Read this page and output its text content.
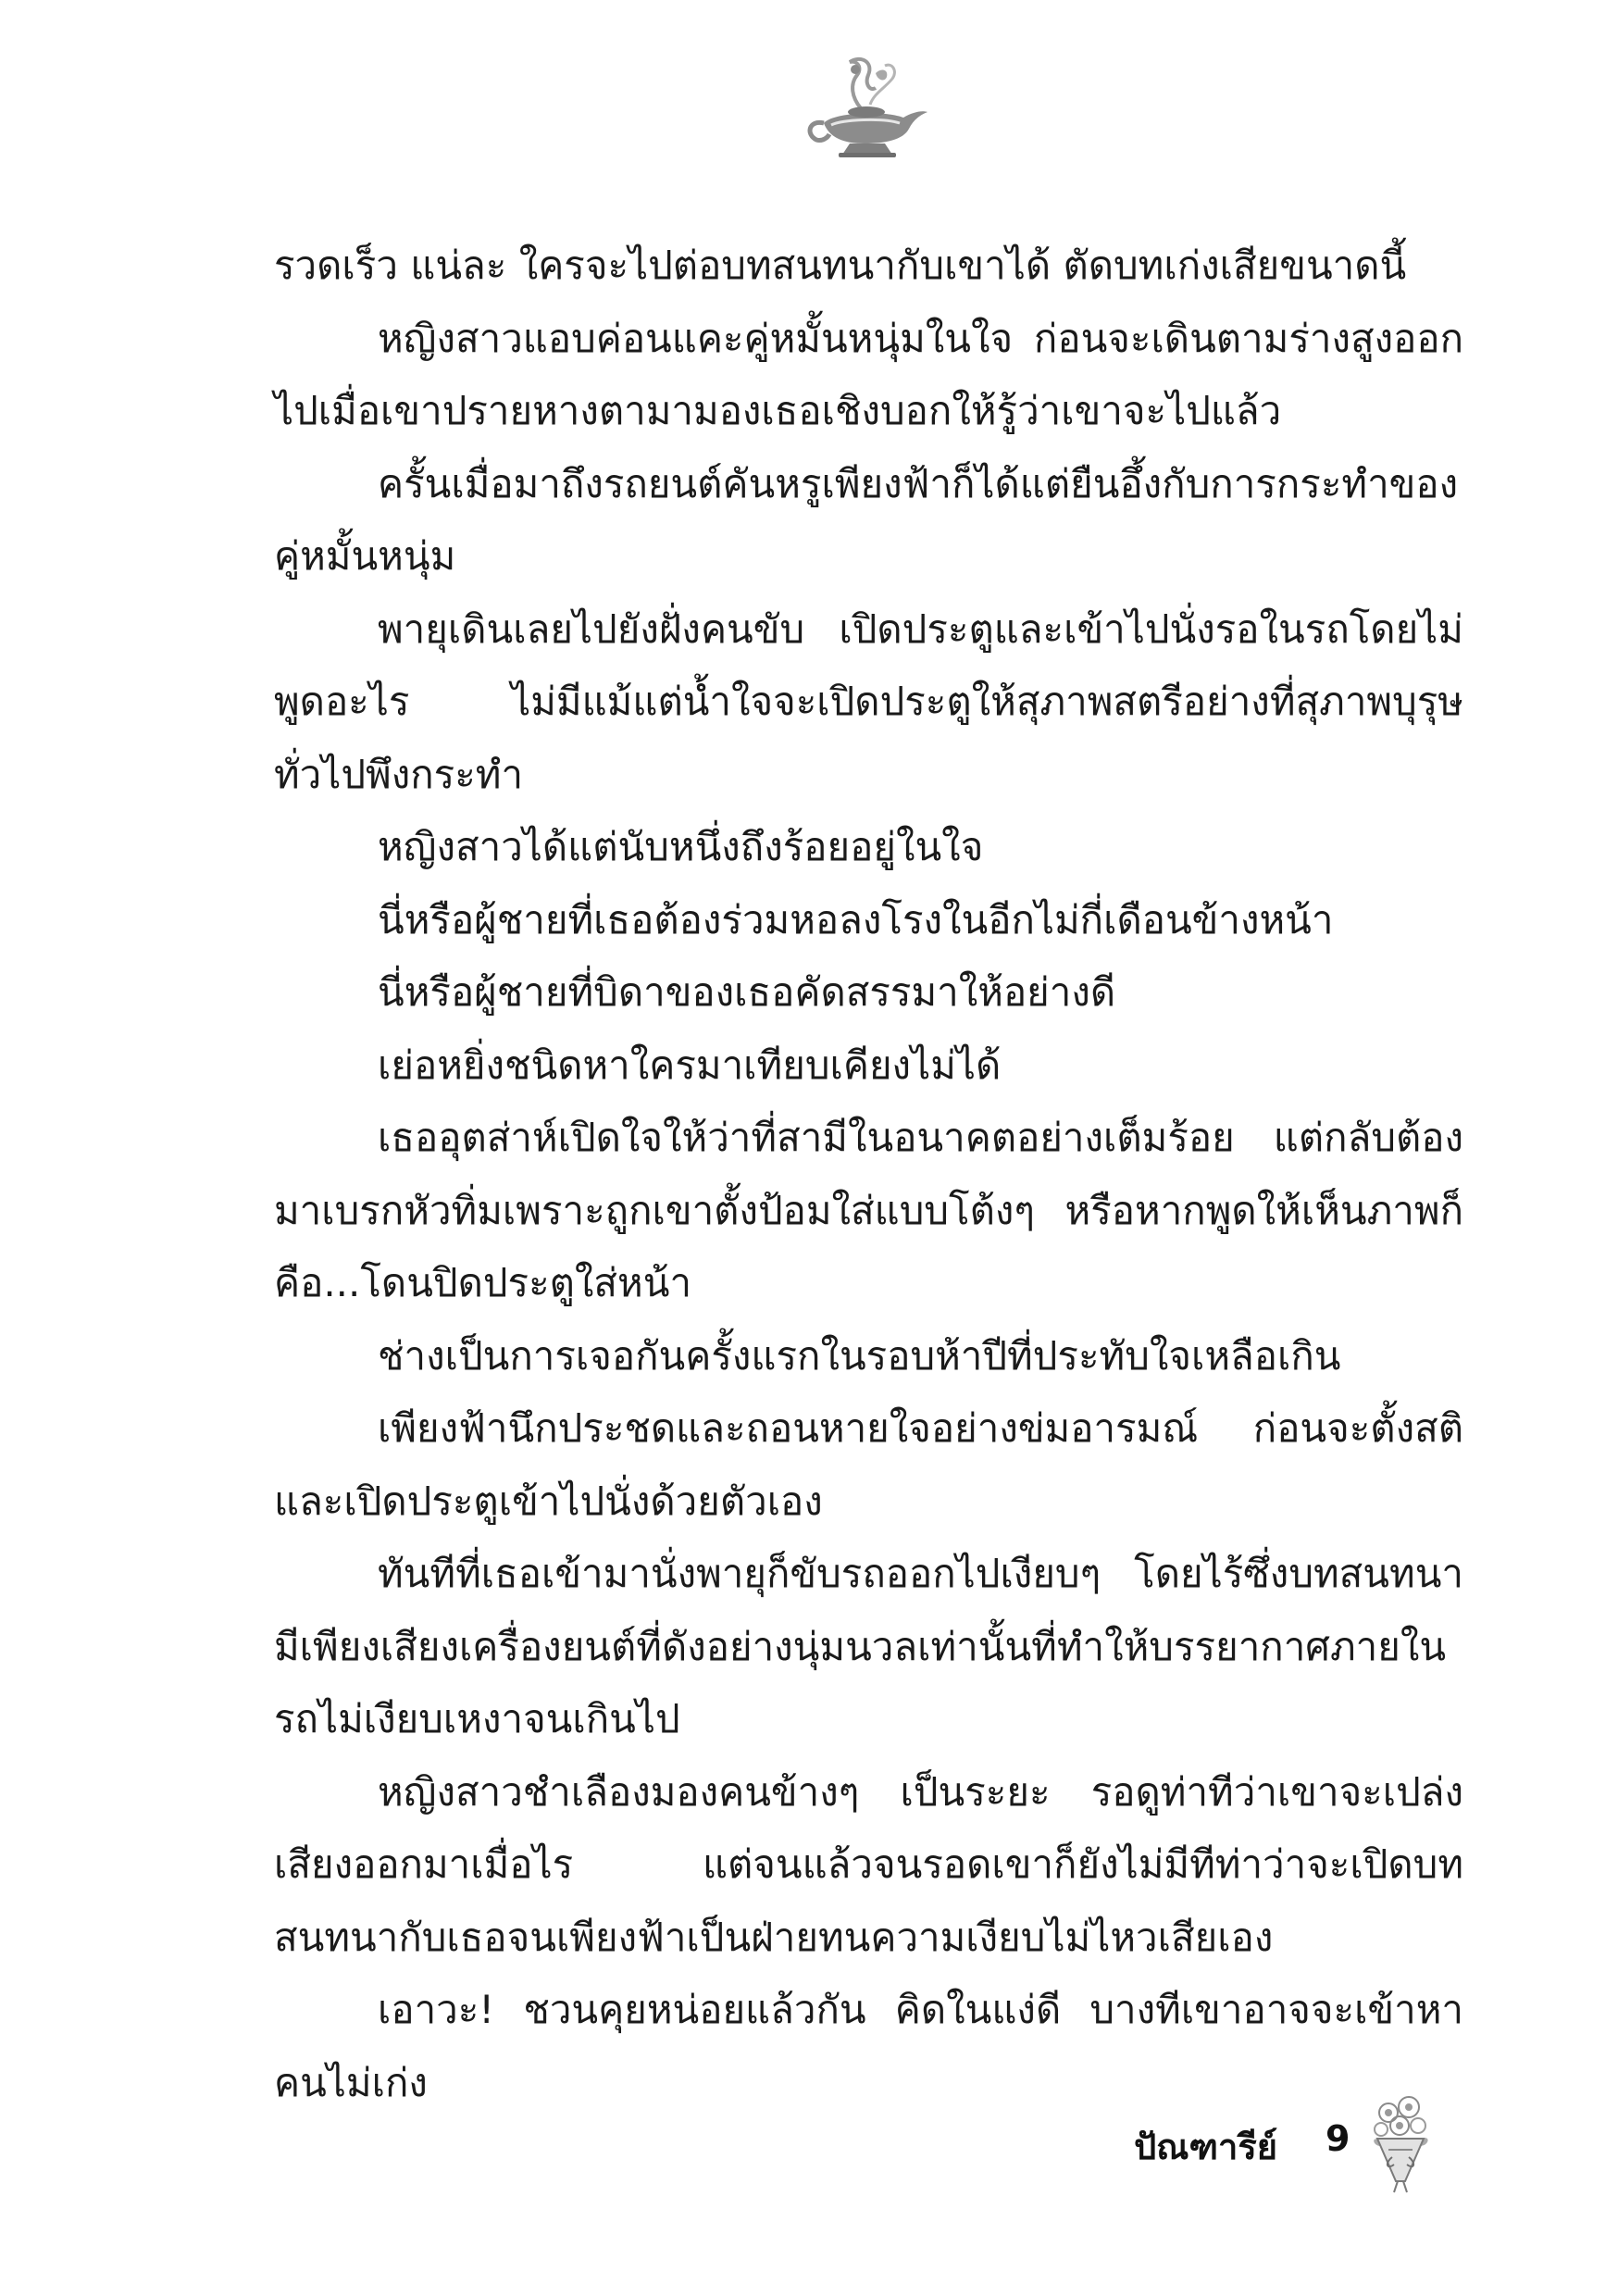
รวดเร็ว แน่ละ ใครจะไปต่อบทสนทนากับเขาได้ ตัดบทเก่งเสียขนาดนี้

หญิงสาวแอบค่อนแคะคู่หมั้นหนุ่มในใจ ก่อนจะเดินตามร่างสูงออกไปเมื่อเขาปรายหางตามามองเธอเชิงบอกให้รู้ว่าเขาจะไปแล้ว

ครั้นเมื่อมาถึงรถยนต์คันหรูเพียงฟ้าก็ได้แต่ยืนอึ้งกับการกระทำของคู่หมั้นหนุ่ม

พายุเดินเลยไปยังฝั่งคนขับ เปิดประตูและเข้าไปนั่งรอในรถโดยไม่พูดอะไร ไม่มีแม้แต่น้ำใจจะเปิดประตูให้สุภาพสตรีอย่างที่สุภาพบุรุษทั่วไปพึงกระทำ

หญิงสาวได้แต่นับหนึ่งถึงร้อยอยู่ในใจ

นี่หรือผู้ชายที่เธอต้องร่วมหอลงโรงในอีกไม่กี่เดือนข้างหน้า

นี่หรือผู้ชายที่บิดาของเธอคัดสรรมาให้อย่างดี

เย่อหยิ่งชนิดหาใครมาเทียบเคียงไม่ได้

เธออุตส่าห์เปิดใจให้ว่าที่สามีในอนาคตอย่างเต็มร้อย แต่กลับต้องมาเบรกหัวทิ่มเพราะถูกเขาตั้งป้อมใส่แบบโต้งๆ หรือหากพูดให้เห็นภาพก็คือ...โดนปิดประตูใส่หน้า

ช่างเป็นการเจอกันครั้งแรกในรอบห้าปีที่ประทับใจเหลือเกิน

เพียงฟ้านึกประชดและถอนหายใจอย่างข่มอารมณ์ ก่อนจะตั้งสติและเปิดประตูเข้าไปนั่งด้วยตัวเอง

ทันทีที่เธอเข้ามานั่งพายุก็ขับรถออกไปเงียบๆ โดยไร้ซึ่งบทสนทนามีเพียงเสียงเครื่องยนต์ที่ดังอย่างนุ่มนวลเท่านั้นที่ทำให้บรรยากาศภายในรถไม่เงียบเหงาจนเกินไป

หญิงสาวชำเลืองมองคนข้างๆ เป็นระยะ รอดูท่าทีว่าเขาจะเปล่งเสียงออกมาเมื่อไร แต่จนแล้วจนรอดเขาก็ยังไม่มีทีท่าว่าจะเปิดบทสนทนากับเธอจนเพียงฟ้าเป็นฝ่ายทนความเงียบไม่ไหวเสียเอง

เอาวะ! ชวนคุยหน่อยแล้วกัน คิดในแง่ดี บางทีเขาอาจจะเข้าหาคนไม่เก่ง

ปัณฑารีย์ 9
